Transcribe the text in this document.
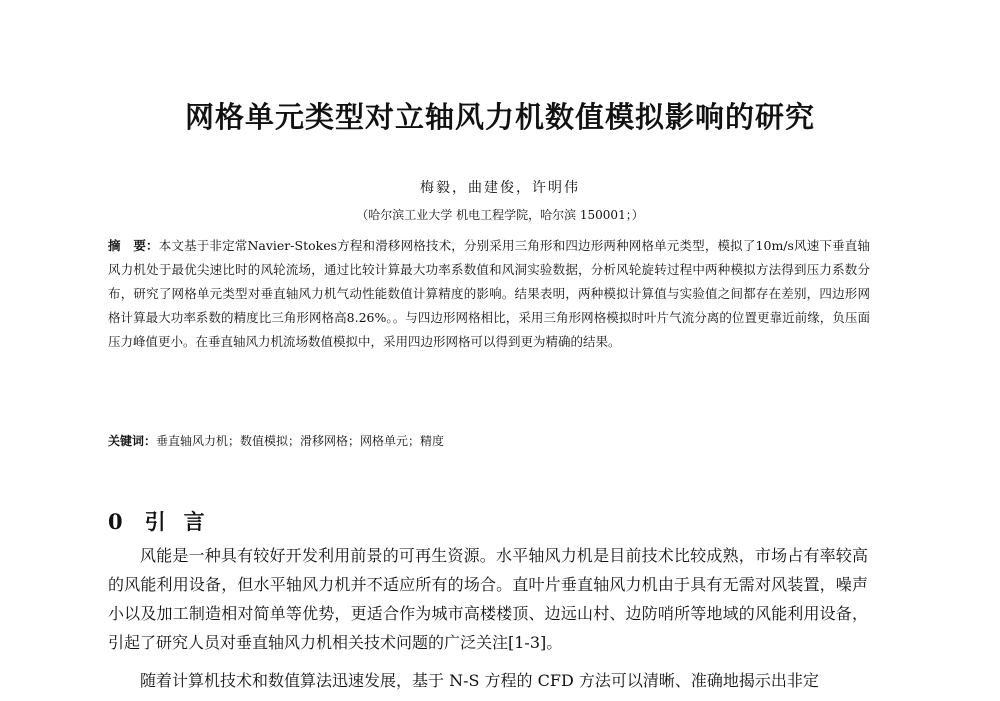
网格单元类型对立轴风力机数值模拟影响的研究
梅毅，曲建俊，许明伟
（哈尔滨工业大学 机电工程学院，哈尔滨 150001；）
摘　要：本文基于非定常Navier-Stokes方程和滑移网格技术，分别采用三角形和四边形两种网格单元类型，模拟了10m/s风速下垂直轴风力机处于最优尖速比时的风轮流场，通过比较计算最大功率系数值和风洞实验数据，分析风轮旋转过程中两种模拟方法得到压力系数分布，研究了网格单元类型对垂直轴风力机气动性能数值计算精度的影响。结果表明，两种模拟计算值与实验值之间都存在差别，四边形网格计算最大功率系数的精度比三角形网格高8.26%。。与四边形网格相比，采用三角形网格模拟时叶片气流分离的位置更靠近前缘，负压面压力峰值更小。在垂直轴风力机流场数值模拟中，采用四边形网格可以得到更为精确的结果。
关键词：垂直轴风力机；数值模拟；滑移网格；网格单元；精度
0 引言

风能是一种具有较好开发利用前景的可再生资源。水平轴风力机是目前技术比较成熟，市场占有率较高的风能利用设备，但水平轴风力机并不适应所有的场合。直叶片垂直轴风力机由于具有无需对风装置，噪声小以及加工制造相对简单等优势，更适合作为城市高楼楼顶、边远山村、边防哨所等地域的风能利用设备，引起了研究人员对垂直轴风力机相关技术问题的广泛关注[1-3]。

随着计算机技术和数值算法迅速发展，基于 N-S 方程的 CFD 方法可以清晰、准确地揭示出非定
